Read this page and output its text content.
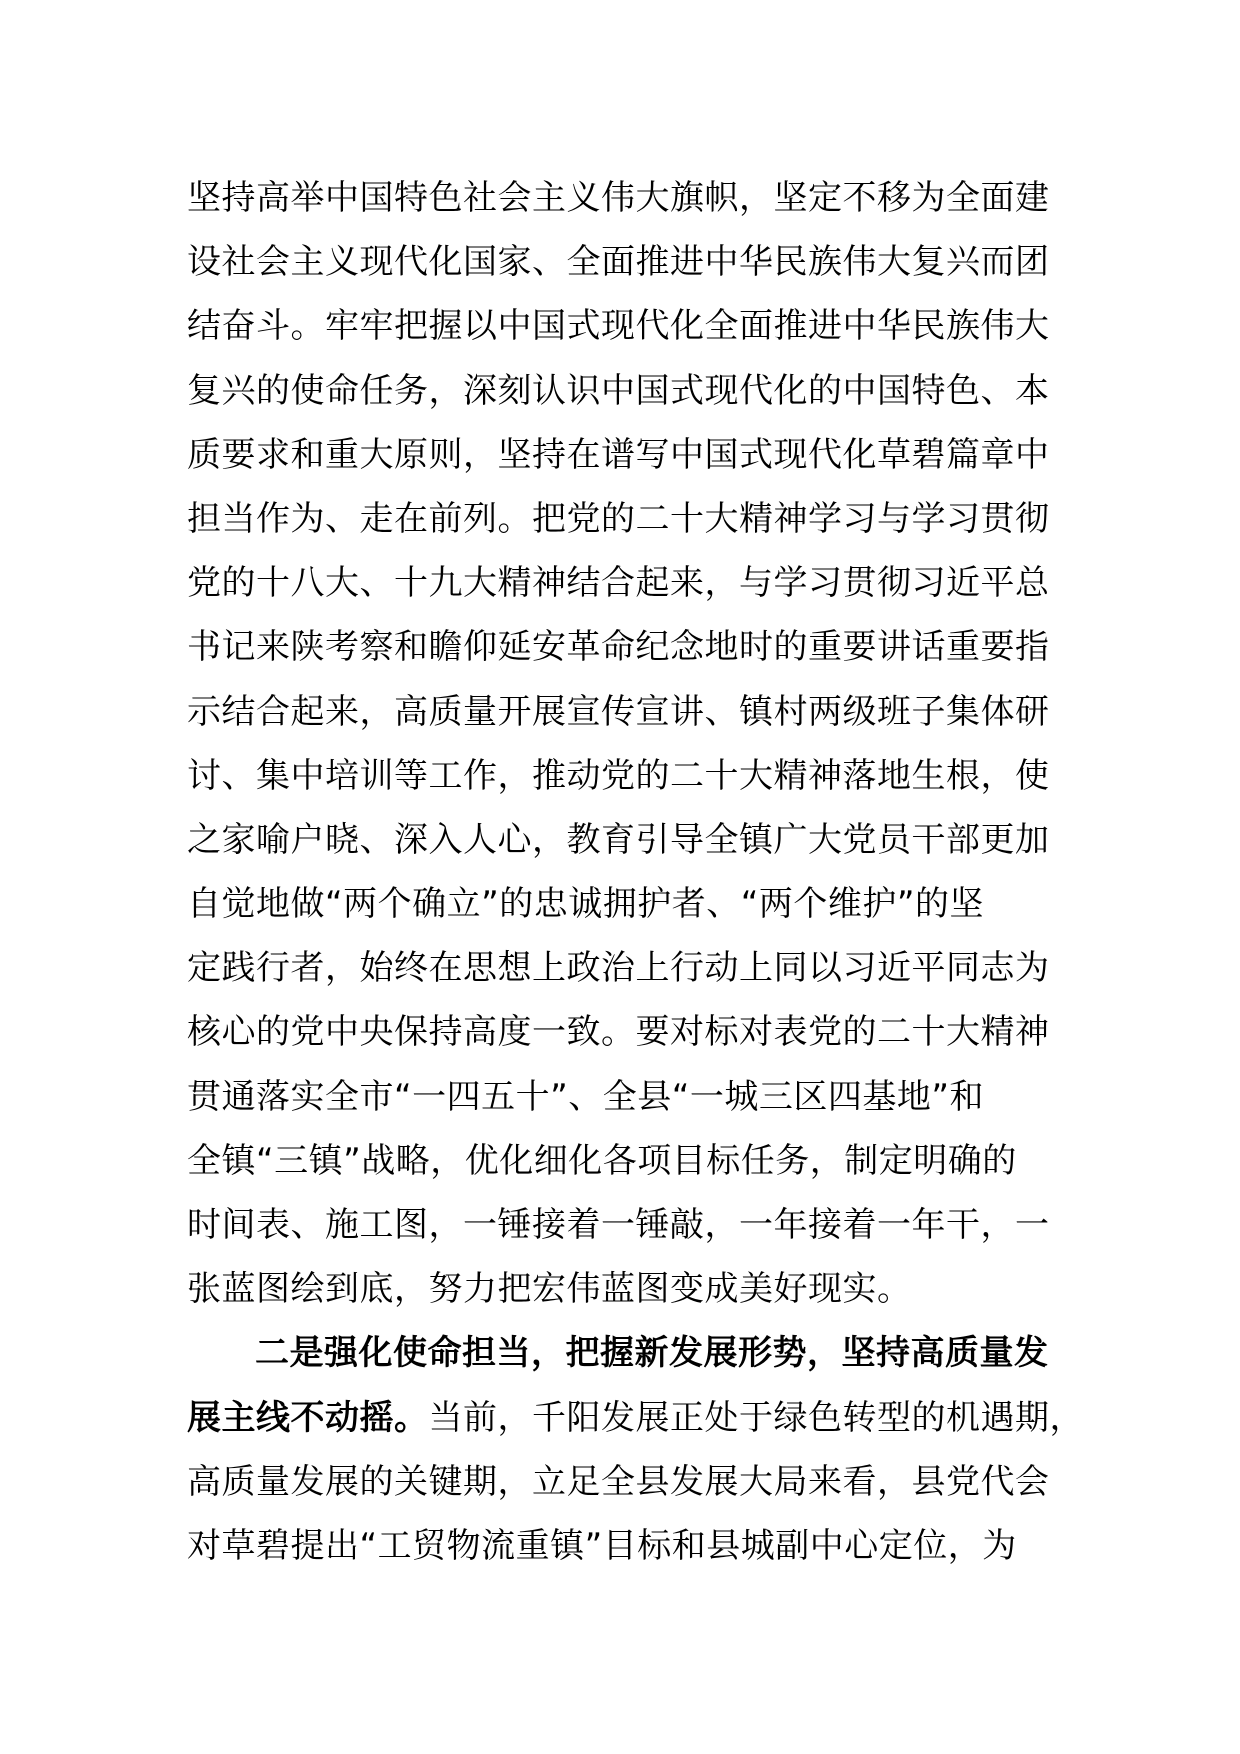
坚持高举中国特色社会主义伟大旗帜，坚定不移为全面建
设社会主义现代化国家、全面推进中华民族伟大复兴而团
结奋斗。牢牢把握以中国式现代化全面推进中华民族伟大
复兴的使命任务，深刻认识中国式现代化的中国特色、本
质要求和重大原则，坚持在谱写中国式现代化草碧篇章中
担当作为、走在前列。把党的二十大精神学习与学习贯彻
党的十八大、十九大精神结合起来，与学习贯彻习近平总
书记来陕考察和瞻仰延安革命纪念地时的重要讲话重要指
示结合起来，高质量开展宣传宣讲、镇村两级班子集体研
讨、集中培训等工作，推动党的二十大精神落地生根，使
之家喻户晓、深入人心，教育引导全镇广大党员干部更加
自觉地做“两个确立”的忠诚拥护者、“两个维护”的坚
定践行者，始终在思想上政治上行动上同以习近平同志为
核心的党中央保持高度一致。要对标对表党的二十大精神
贯通落实全市“一四五十”、全县“一城三区四基地”和
全镇“三镇”战略，优化细化各项目标任务，制定明确的
时间表、施工图，一锤接着一锤敲，一年接着一年干，一
张蓝图绘到底，努力把宏伟蓝图变成美好现实。
二是强化使命担当，把握新发展形势，坚持高质量发
展主线不动摇。当前，千阳发展正处于绿色转型的机遇期，
高质量发展的关键期，立足全县发展大局来看，县党代会
对草碧提出“工贸物流重镇”目标和县城副中心定位，为
